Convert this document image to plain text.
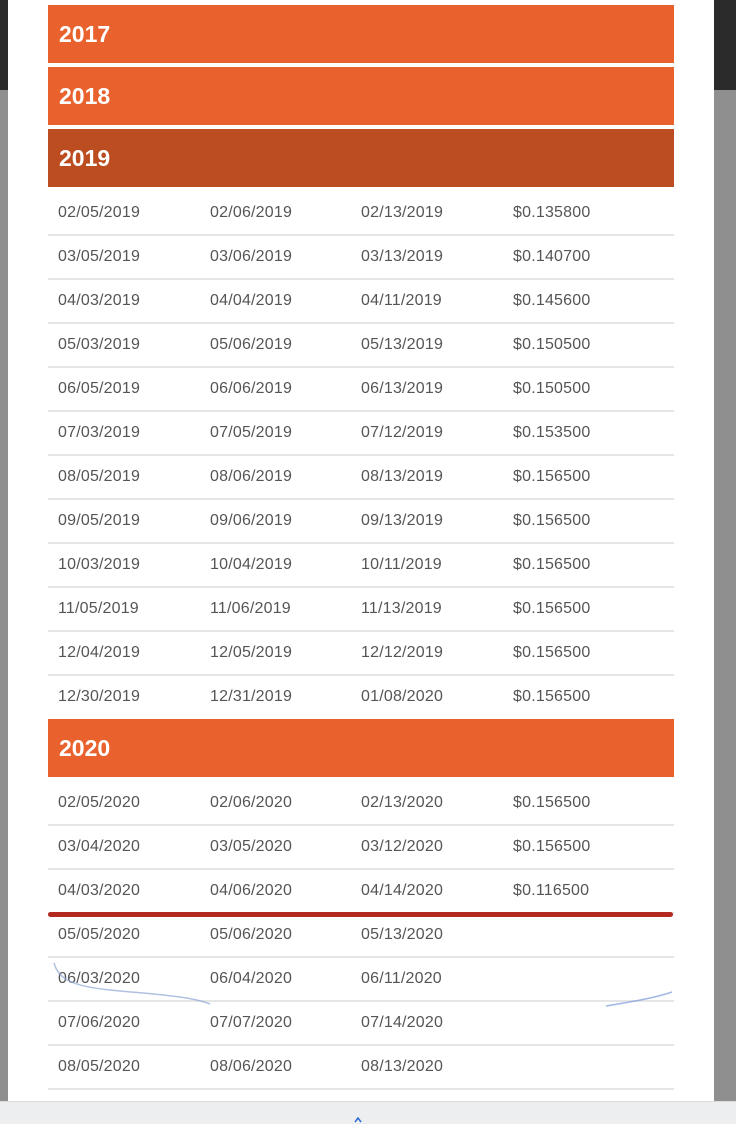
2017
2018
2019
02/05/2019	02/06/2019	02/13/2019	$0.135800
03/05/2019	03/06/2019	03/13/2019	$0.140700
04/03/2019	04/04/2019	04/11/2019	$0.145600
05/03/2019	05/06/2019	05/13/2019	$0.150500
06/05/2019	06/06/2019	06/13/2019	$0.150500
07/03/2019	07/05/2019	07/12/2019	$0.153500
08/05/2019	08/06/2019	08/13/2019	$0.156500
09/05/2019	09/06/2019	09/13/2019	$0.156500
10/03/2019	10/04/2019	10/11/2019	$0.156500
11/05/2019	11/06/2019	11/13/2019	$0.156500
12/04/2019	12/05/2019	12/12/2019	$0.156500
12/30/2019	12/31/2019	01/08/2020	$0.156500
2020
02/05/2020	02/06/2020	02/13/2020	$0.156500
03/04/2020	03/05/2020	03/12/2020	$0.156500
04/03/2020	04/06/2020	04/14/2020	$0.116500
05/05/2020	05/06/2020	05/13/2020
06/03/2020	06/04/2020	06/11/2020
07/06/2020	07/07/2020	07/14/2020
08/05/2020	08/06/2020	08/13/2020
